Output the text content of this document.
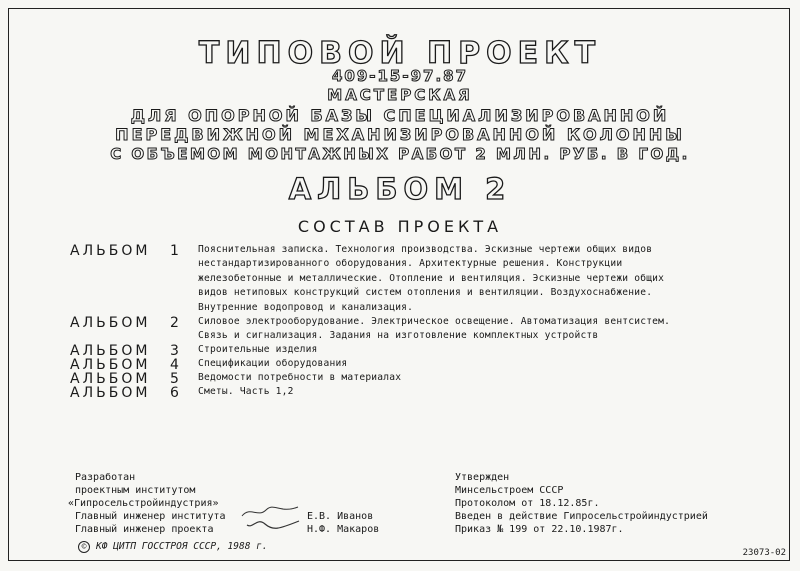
ТИПОВОЙ ПРОЕКТ
409-15-97.87
МАСТЕРСКАЯ
ДЛЯ ОПОРНОЙ БАЗЫ СПЕЦИАЛИЗИРОВАННОЙ
ПЕРЕДВИЖНОЙ МЕХАНИЗИРОВАННОЙ КОЛОННЫ
С ОБЪЕМОМ МОНТАЖНЫХ РАБОТ 2 МЛН. РУБ. В ГОД.
АЛЬБОМ 2
СОСТАВ ПРОЕКТА
АЛЬБОМ 1 Пояснительная записка. Технология производства. Эскизные чертежи общих видов
нестандартизированного оборудования. Архитектурные решения. Конструкции
железобетонные и металлические. Отопление и вентиляция. Эскизные чертежи общих
видов нетиповых конструкций систем отопления и вентиляции. Воздухоснабжение.
Внутренние водопровод и канализация.
АЛЬБОМ 2 Силовое электрооборудование. Электрическое освещение. Автоматизация вентсистем.
Связь и сигнализация. Задания на изготовление комплектных устройств
АЛЬБОМ 3 Строительные изделия
АЛЬБОМ 4 Спецификации оборудования
АЛЬБОМ 5 Ведомости потребности в материалах
АЛЬБОМ 6 Сметы. Часть 1,2
Разработан
проектным институтом
«Гипросельстройиндустрия»
Главный инженер института	Е.В. Иванов
Главный инженер проекта	Н.Ф. Макаров
© КФ ЦИТП ГОССТРОЯ СССР, 1988 г.
Утвержден
Минсельстроем СССР
Протоколом от 18.12.85г.
Введен в действие Гипросельстройиндустрией
Приказ № 199 от 22.10.1987г.
23073-02
